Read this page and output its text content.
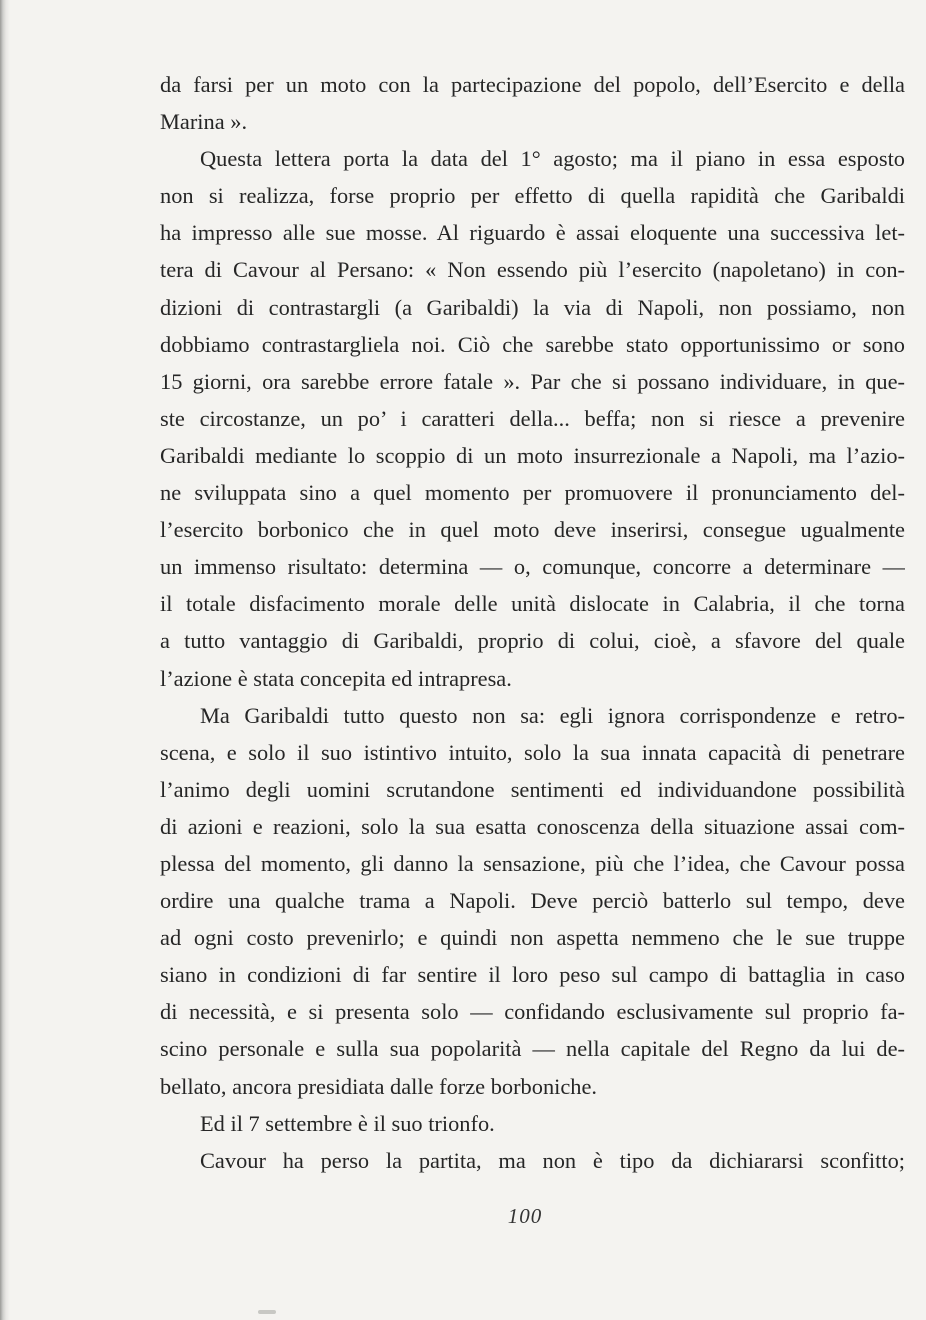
da farsi per un moto con la partecipazione del popolo, dell’Esercito e della
Marina ».
Questa lettera porta la data del 1° agosto; ma il piano in essa esposto
non si realizza, forse proprio per effetto di quella rapidità che Garibaldi
ha impresso alle sue mosse. Al riguardo è assai eloquente una successiva let-
tera di Cavour al Persano: « Non essendo più l’esercito (napoletano) in con-
dizioni di contrastargli (a Garibaldi) la via di Napoli, non possiamo, non
dobbiamo contrastargliela noi. Ciò che sarebbe stato opportunissimo or sono
15 giorni, ora sarebbe errore fatale ». Par che si possano individuare, in que-
ste circostanze, un po’ i caratteri della... beffa; non si riesce a prevenire
Garibaldi mediante lo scoppio di un moto insurrezionale a Napoli, ma l’azio-
ne sviluppata sino a quel momento per promuovere il pronunciamento del-
l’esercito borbonico che in quel moto deve inserirsi, consegue ugualmente
un immenso risultato: determina — o, comunque, concorre a determinare —
il totale disfacimento morale delle unità dislocate in Calabria, il che torna
a tutto vantaggio di Garibaldi, proprio di colui, cioè, a sfavore del quale
l’azione è stata concepita ed intrapresa.
Ma Garibaldi tutto questo non sa: egli ignora corrispondenze e retro-
scena, e solo il suo istintivo intuito, solo la sua innata capacità di penetrare
l’animo degli uomini scrutandone sentimenti ed individuandone possibilità
di azioni e reazioni, solo la sua esatta conoscenza della situazione assai com-
plessa del momento, gli danno la sensazione, più che l’idea, che Cavour possa
ordire una qualche trama a Napoli. Deve perciò batterlo sul tempo, deve
ad ogni costo prevenirlo; e quindi non aspetta nemmeno che le sue truppe
siano in condizioni di far sentire il loro peso sul campo di battaglia in caso
di necessità, e si presenta solo — confidando esclusivamente sul proprio fa-
scino personale e sulla sua popolarità — nella capitale del Regno da lui de-
bellato, ancora presidiata dalle forze borboniche.
Ed il 7 settembre è il suo trionfo.
Cavour ha perso la partita, ma non è tipo da dichiararsi sconfitto;
100
